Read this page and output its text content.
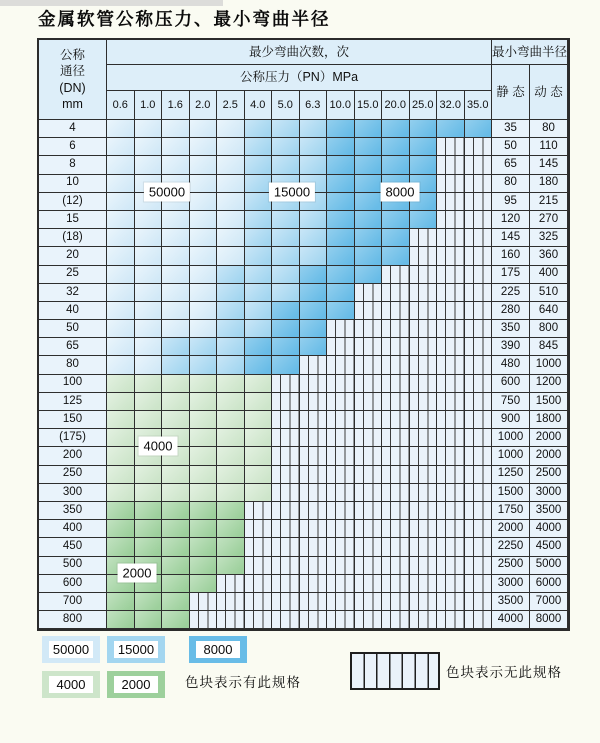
金属软管公称压力、最小弯曲半径
公称
通径
(DN)
mm
最少弯曲次数，次	最小弯曲半径
公称压力（PN）MPa
静 态 动 态
0.6	1.0	1.6	2.0	2.5	4.0	5.0	6.3 10.0 15.0 20.0 25.0 32.0 35.0
4	35	80
6	50	110
8	65	145
10	80	180
(12)	95	215
15	120	270
(18)	145	325
20	160	360
25	175	400
32	225	510
40	280	640
50	350	800
65	390	845
80	480	1000
100	600	1200
125	750	1500
150	900	1800
(175)	1000	2000
200	1000	2000
250	1250	2500
300	1500	3000
350	1750	3500
400	2000	4000
450	2250	4500
500	2500	5000
600	3000	6000
700	3500	7000
800	4000	8000
50000	15000	8000
4000
2000
50000	15000	8000
4000	2000	色块表示有此规格
色块表示无此规格
